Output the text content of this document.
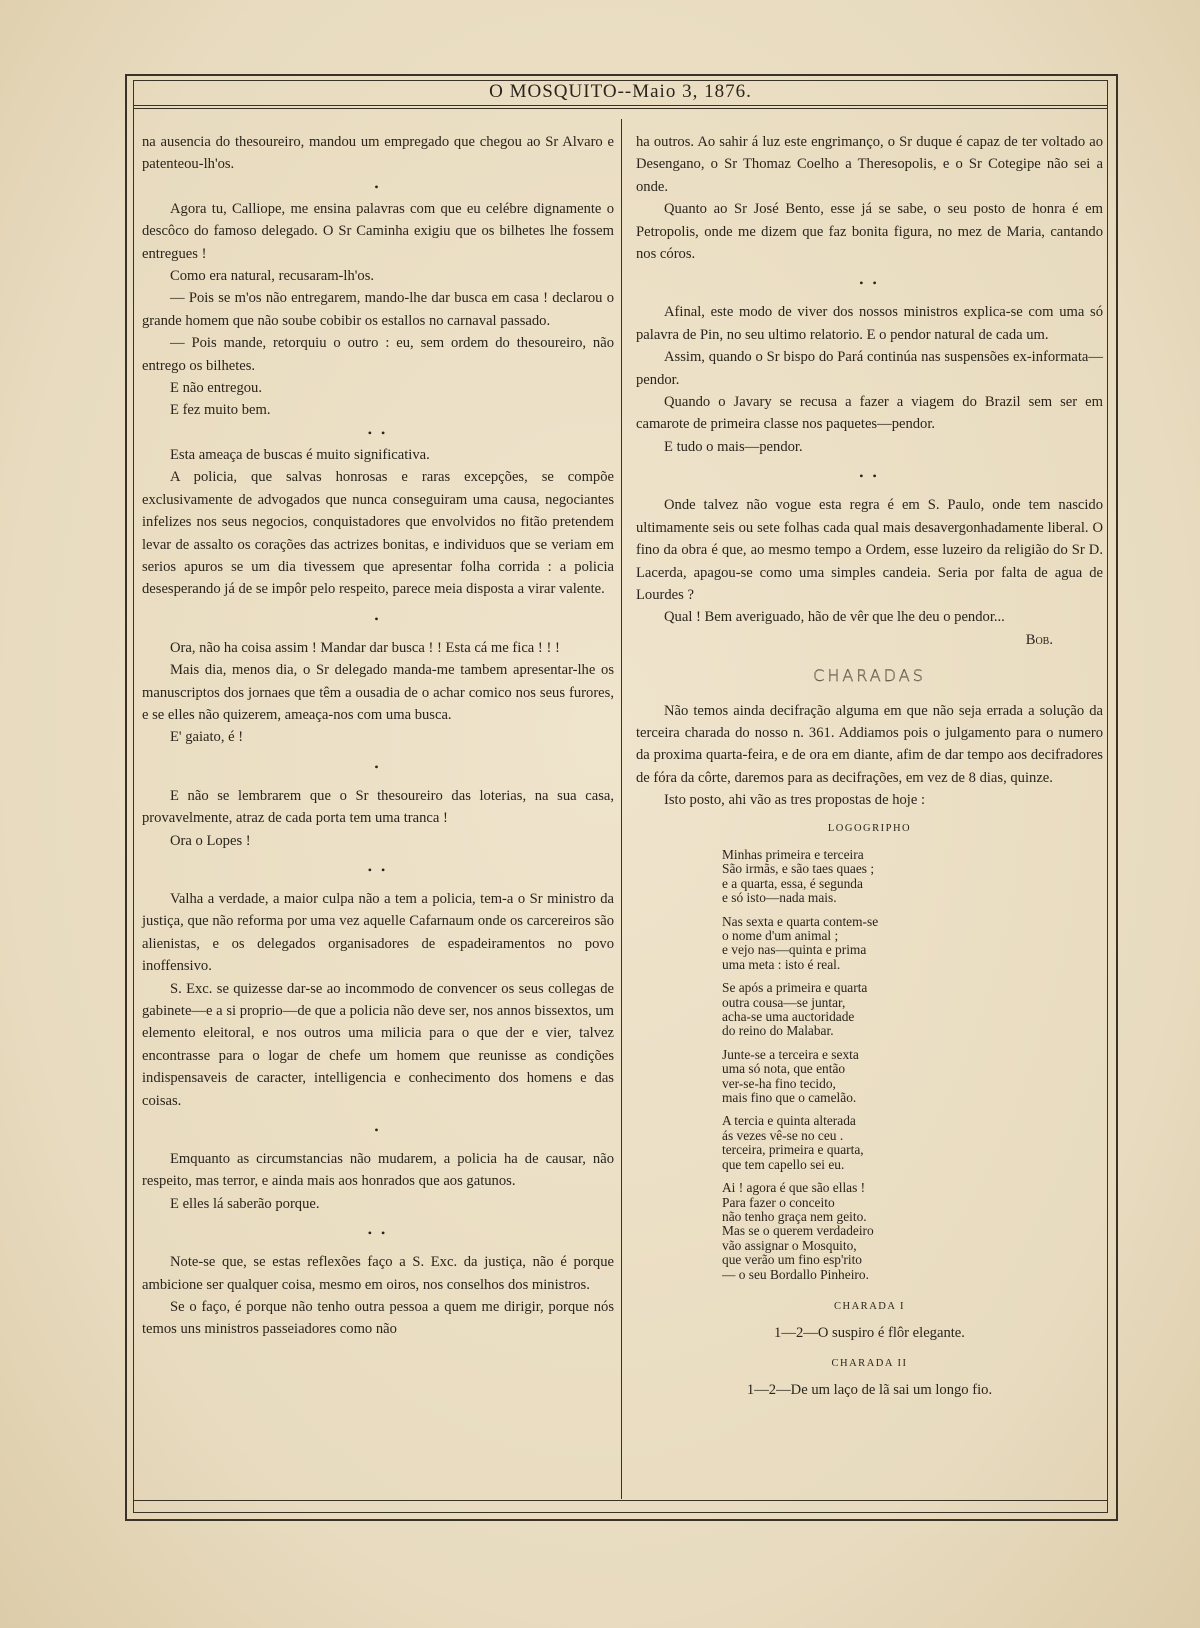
O MOSQUITO--Maio 3, 1876.

na ausencia do thesoureiro, mandou um empregado que chegou ao Sr Alvaro e patenteou-lh'os.

•

Agora tu, Calliope, me ensina palavras com que eu celébre dignamente o descôco do famoso delegado. O Sr Caminha exigiu que os bilhetes lhe fossem entregues !

Como era natural, recusaram-lh'os.

— Pois se m'os não entregarem, mando-lhe dar busca em casa ! declarou o grande homem que não soube cobibir os estallos no carnaval passado.

— Pois mande, retorquiu o outro : eu, sem ordem do thesoureiro, não entrego os bilhetes.

E não entregou.

E fez muito bem.

• •

Esta ameaça de buscas é muito significativa.

A policia, que salvas honrosas e raras excepções, se compõe exclusivamente de advogados que nunca conseguiram uma causa, negociantes infelizes nos seus negocios, conquistadores que envolvidos no fitão pretendem levar de assalto os corações das actrizes bonitas, e individuos que se veriam em serios apuros se um dia tivessem que apresentar folha corrida : a policia desesperando já de se impôr pelo respeito, parece meia disposta a virar valente.

•

Ora, não ha coisa assim ! Mandar dar busca ! ! Esta cá me fica ! ! !

Mais dia, menos dia, o Sr delegado manda-me tambem apresentar-lhe os manuscriptos dos jornaes que têm a ousadia de o achar comico nos seus furores, e se elles não quizerem, ameaça-nos com uma busca.

E' gaiato, é !

•

E não se lembrarem que o Sr thesoureiro das loterias, na sua casa, provavelmente, atraz de cada porta tem uma tranca !

Ora o Lopes !

• •

Valha a verdade, a maior culpa não a tem a policia, tem-a o Sr ministro da justiça, que não reforma por uma vez aquelle Cafarnaum onde os carcereiros são alienistas, e os delegados organisadores de espadeiramentos no povo inoffensivo.

S. Exc. se quizesse dar-se ao incommodo de convencer os seus collegas de gabinete—e a si proprio—de que a policia não deve ser, nos annos bissextos, um elemento eleitoral, e nos outros uma milicia para o que der e vier, talvez encontrasse para o logar de chefe um homem que reunisse as condições indispensaveis de caracter, intelligencia e conhecimento dos homens e das coisas.

•

Emquanto as circumstancias não mudarem, a policia ha de causar, não respeito, mas terror, e ainda mais aos honrados que aos gatunos.

E elles lá saberão porque.

• •

Note-se que, se estas reflexões faço a S. Exc. da justiça, não é porque ambicione ser qualquer coisa, mesmo em oiros, nos conselhos dos ministros.

Se o faço, é porque não tenho outra pessoa a quem me dirigir, porque nós temos uns ministros passeiadores como não

ha outros. Ao sahir á luz este engrimanço, o Sr duque é capaz de ter voltado ao Desengano, o Sr Thomaz Coelho a Theresopolis, e o Sr Cotegipe não sei a onde.

Quanto ao Sr José Bento, esse já se sabe, o seu posto de honra é em Petropolis, onde me dizem que faz bonita figura, no mez de Maria, cantando nos córos.

• •

Afinal, este modo de viver dos nossos ministros explica-se com uma só palavra de Pin, no seu ultimo relatorio. E o pendor natural de cada um.

Assim, quando o Sr bispo do Pará continúa nas suspensões ex-informata—pendor.

Quando o Javary se recusa a fazer a viagem do Brazil sem ser em camarote de primeira classe nos paquetes—pendor.

E tudo o mais—pendor.

• •

Onde talvez não vogue esta regra é em S. Paulo, onde tem nascido ultimamente seis ou sete folhas cada qual mais desavergonhadamente liberal. O fino da obra é que, ao mesmo tempo a Ordem, esse luzeiro da religião do Sr D. Lacerda, apagou-se como uma simples candeia. Seria por falta de agua de Lourdes ?

Qual ! Bem averiguado, hão de vêr que lhe deu o pendor...

Bob.

CHARADAS

Não temos ainda decifração alguma em que não seja errada a solução da terceira charada do nosso n. 361. Addiamos pois o julgamento para o numero da proxima quarta-feira, e de ora em diante, afim de dar tempo aos decifradores de fóra da côrte, daremos para as decifrações, em vez de 8 dias, quinze.

Isto posto, ahi vão as tres propostas de hoje :

LOGOGRIPHO
Minhas primeira e terceira
São irmãs, e são taes quaes ;
e a quarta, essa, é segunda
e só isto—nada mais.
Nas sexta e quarta contem-se
o nome d'um animal ;
e vejo nas—quinta e prima
uma meta : isto é real.
Se após a primeira e quarta
outra cousa—se juntar,
acha-se uma auctoridade
do reino do Malabar.
Junte-se a terceira e sexta
uma só nota, que então
ver-se-ha fino tecido,
mais fino que o camelão.
A tercia e quinta alterada
ás vezes vê-se no ceu .
terceira, primeira e quarta,
que tem capello sei eu.
Ai ! agora é que são ellas !
Para fazer o conceito
não tenho graça nem geito.
Mas se o querem verdadeiro
vão assignar o Mosquito,
que verão um fino esp'rito
— o seu Bordallo Pinheiro.
CHARADA I
1—2—O suspiro é flôr elegante.
CHARADA II
1—2—De um laço de lã sai um longo fio.
